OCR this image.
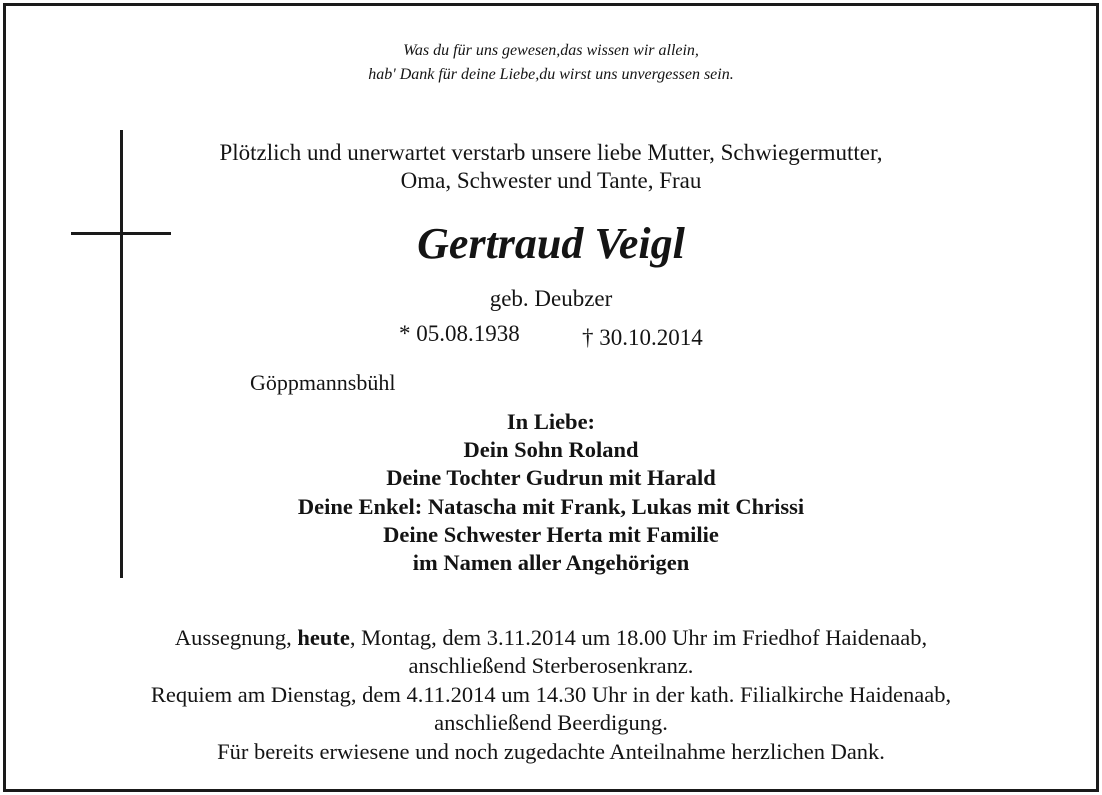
Was du für uns gewesen,das wissen wir allein,
hab' Dank für deine Liebe,du wirst uns unvergessen sein.
Plötzlich und unerwartet verstarb unsere liebe Mutter, Schwiegermutter,
Oma, Schwester und Tante, Frau
Gertraud Veigl
geb. Deubzer
* 05.08.1938	† 30.10.2014
Göppmannsbühl
In Liebe:
Dein Sohn Roland
Deine Tochter Gudrun mit Harald
Deine Enkel: Natascha mit Frank, Lukas mit Chrissi
Deine Schwester Herta mit Familie
im Namen aller Angehörigen
Aussegnung, heute, Montag, dem 3.11.2014 um 18.00 Uhr im Friedhof Haidenaab,
anschließend Sterberosenkranz.
Requiem am Dienstag, dem 4.11.2014 um 14.30 Uhr in der kath. Filialkirche Haidenaab,
anschließend Beerdigung.
Für bereits erwiesene und noch zugedachte Anteilnahme herzlichen Dank.
